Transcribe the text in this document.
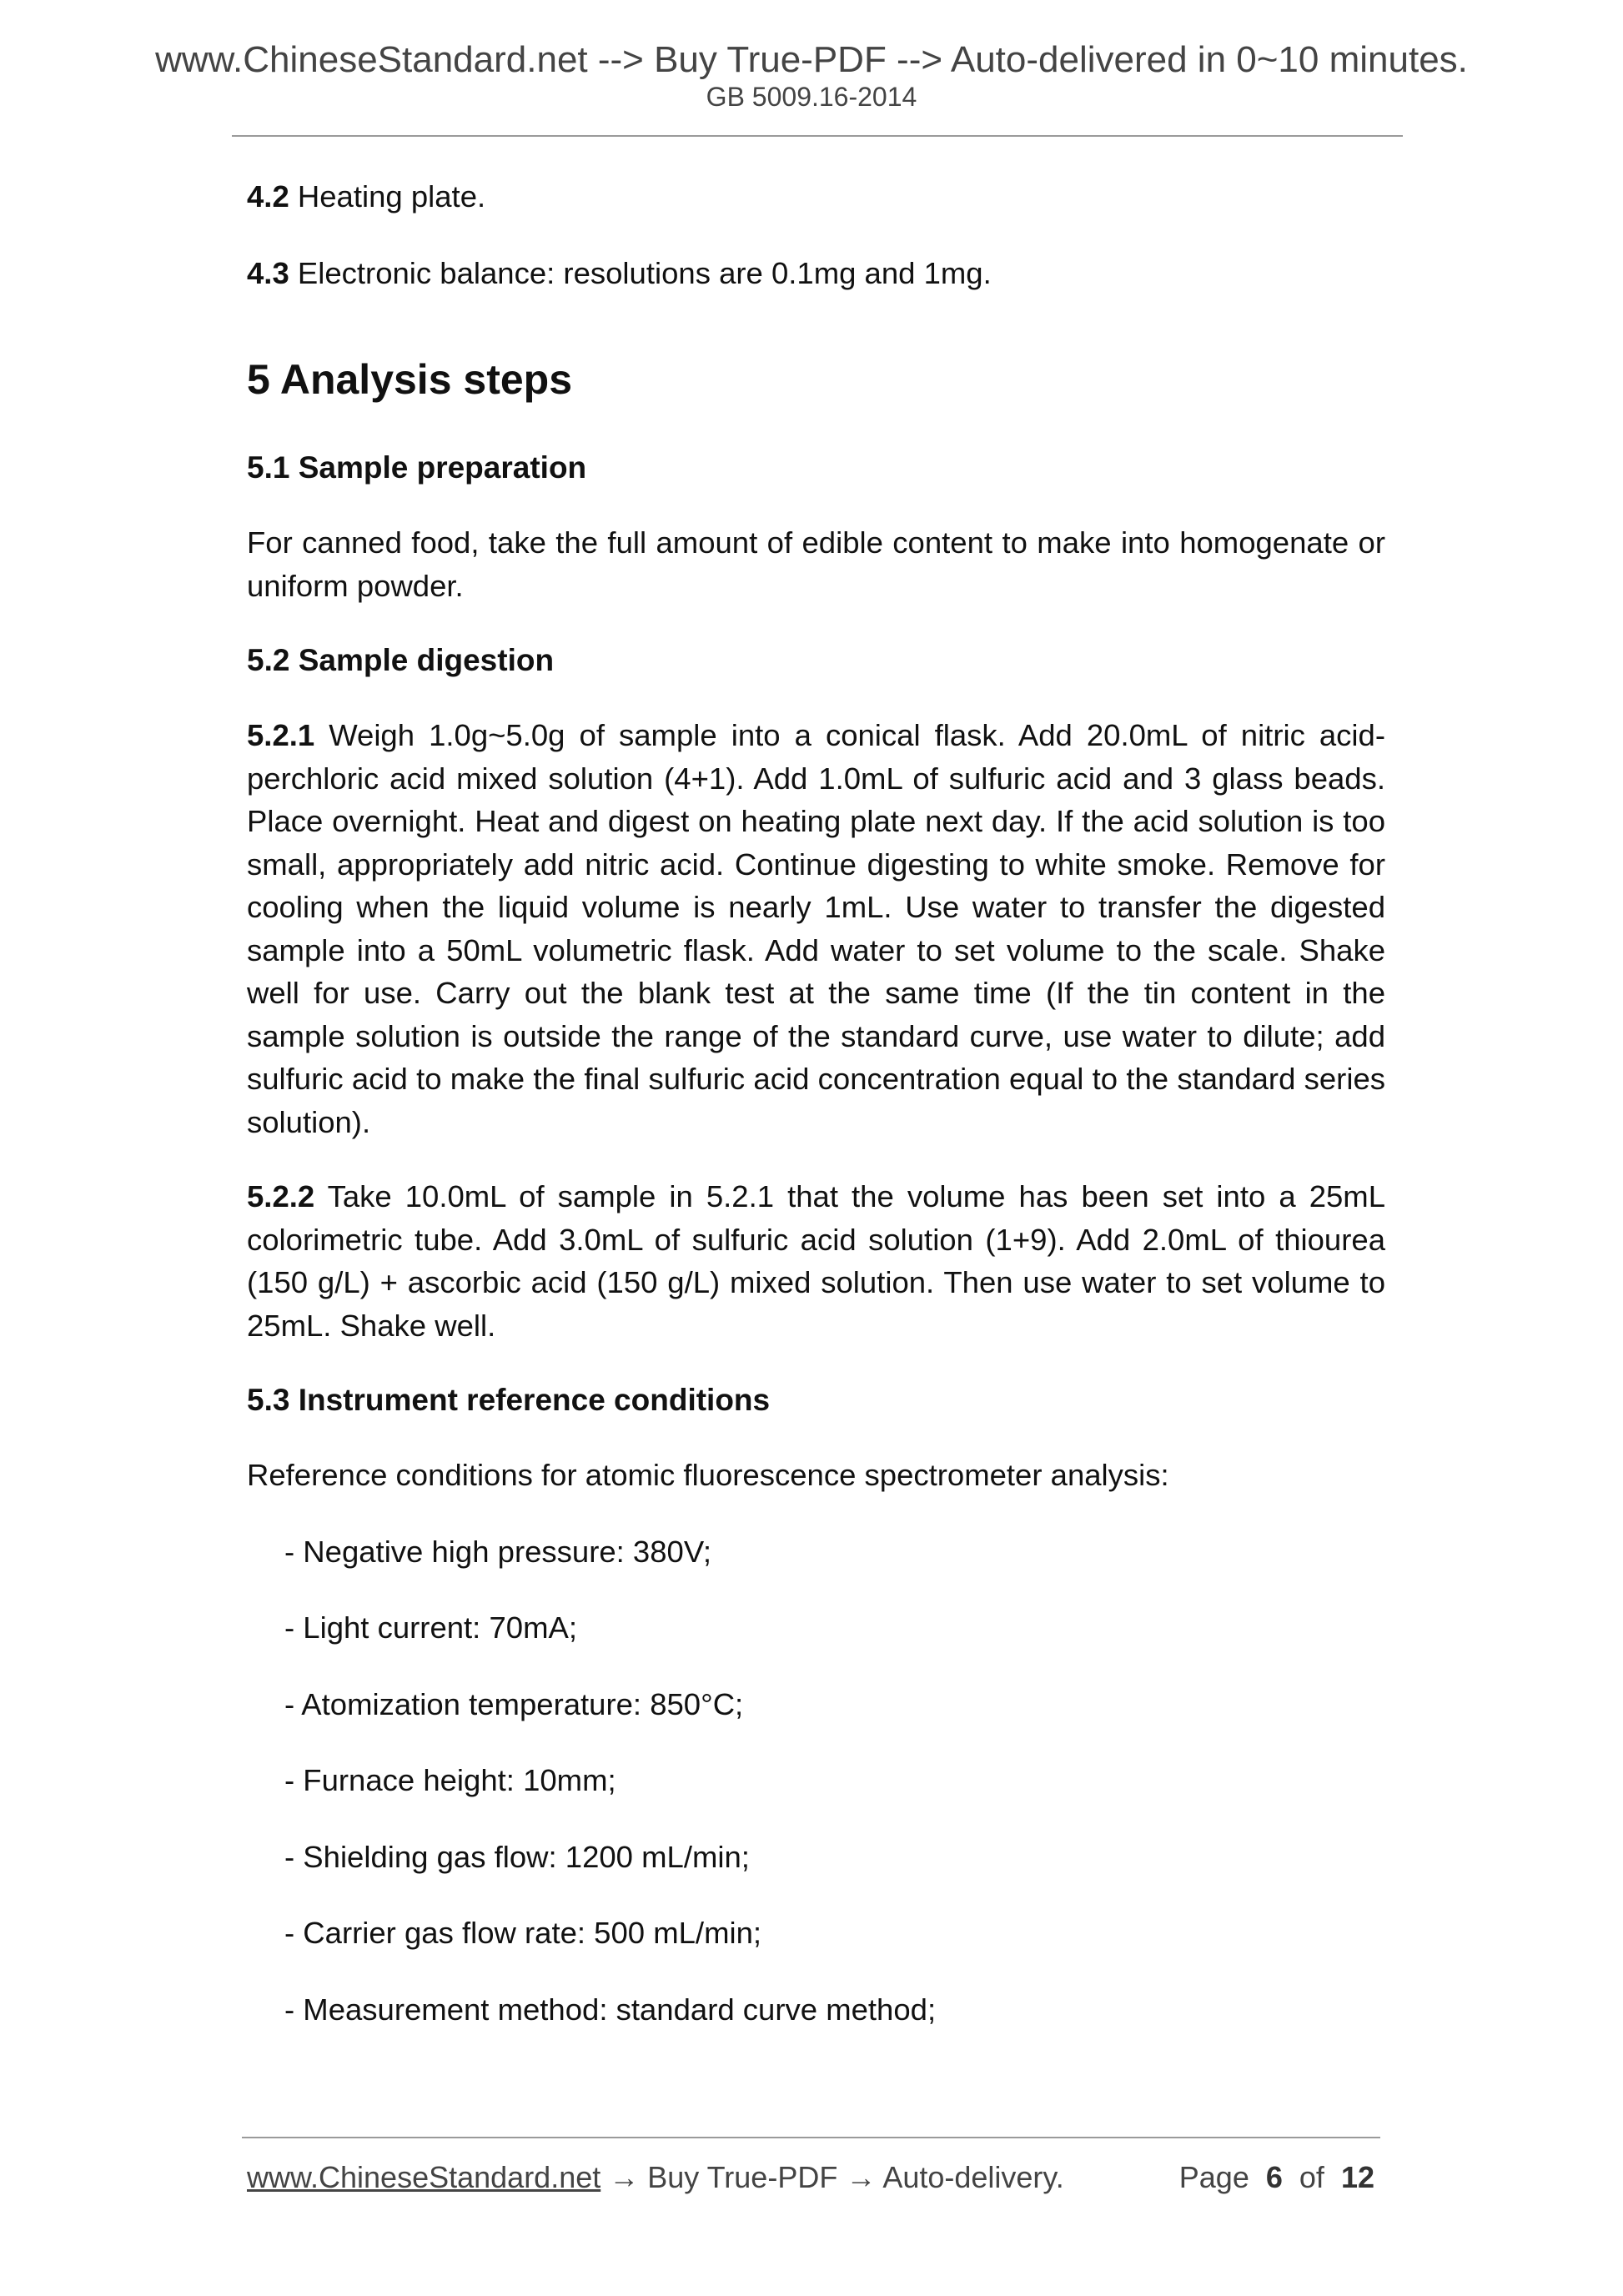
www.ChineseStandard.net --> Buy True-PDF --> Auto-delivered in 0~10 minutes.
GB 5009.16-2014

4.2 Heating plate.

4.3 Electronic balance: resolutions are 0.1mg and 1mg.

5 Analysis steps
5.1 Sample preparation

For canned food, take the full amount of edible content to make into homogenate or uniform powder.

5.2 Sample digestion

5.2.1 Weigh 1.0g~5.0g of sample into a conical flask. Add 20.0mL of nitric acid-perchloric acid mixed solution (4+1). Add 1.0mL of sulfuric acid and 3 glass beads. Place overnight. Heat and digest on heating plate next day. If the acid solution is too small, appropriately add nitric acid. Continue digesting to white smoke. Remove for cooling when the liquid volume is nearly 1mL. Use water to transfer the digested sample into a 50mL volumetric flask. Add water to set volume to the scale. Shake well for use. Carry out the blank test at the same time (If the tin content in the sample solution is outside the range of the standard curve, use water to dilute; add sulfuric acid to make the final sulfuric acid concentration equal to the standard series solution).

5.2.2 Take 10.0mL of sample in 5.2.1 that the volume has been set into a 25mL colorimetric tube. Add 3.0mL of sulfuric acid solution (1+9). Add 2.0mL of thiourea (150 g/L) + ascorbic acid (150 g/L) mixed solution. Then use water to set volume to 25mL. Shake well.

5.3 Instrument reference conditions

Reference conditions for atomic fluorescence spectrometer analysis:

- Negative high pressure: 380V;

- Light current: 70mA;

- Atomization temperature: 850°C;

- Furnace height: 10mm;

- Shielding gas flow: 1200 mL/min;

- Carrier gas flow rate: 500 mL/min;

- Measurement method: standard curve method;

www.ChineseStandard.net → Buy True-PDF → Auto-delivery.	Page 6 of 12
